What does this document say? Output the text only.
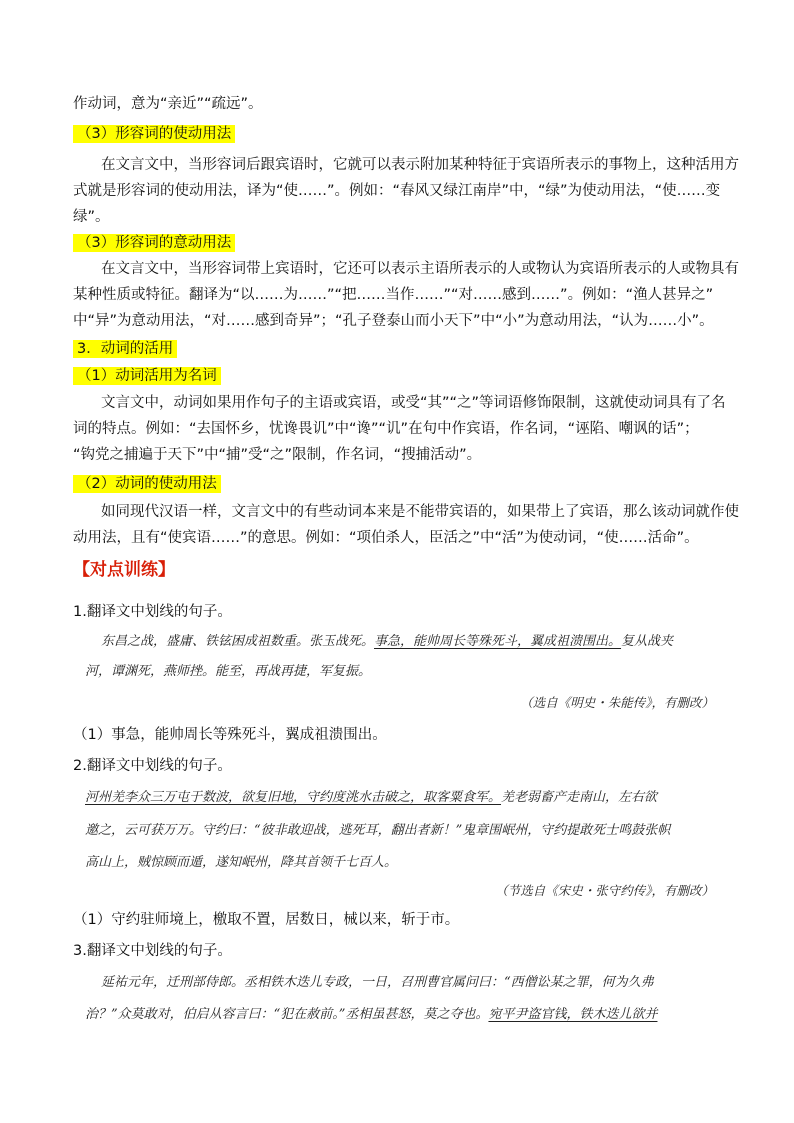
作动词，意为“亲近”“疏远”。
（3）形容词的使动用法
在文言文中，当形容词后跟宾语时，它就可以表示附加某种特征于宾语所表示的事物上，这种活用方
式就是形容词的使动用法，译为“使……”。例如：“春风又绿江南岸”中，“绿”为使动用法，“使……变
绿”。
（3）形容词的意动用法
在文言文中，当形容词带上宾语时，它还可以表示主语所表示的人或物认为宾语所表示的人或物具有
某种性质或特征。翻译为“以……为……”“把……当作……”“对……感到……”。例如：“渔人甚异之”
中“异”为意动用法，“对……感到奇异”；“孔子登泰山而小天下”中“小”为意动用法，“认为……小”。
3．动词的活用
（1）动词活用为名词
文言文中，动词如果用作句子的主语或宾语，或受“其”“之”等词语修饰限制，这就使动词具有了名
词的特点。例如：“去国怀乡，忧谗畏讥”中“谗”“讥”在句中作宾语，作名词，“诬陷、嘲讽的话”；
“钩党之捕遍于天下”中“捕”受“之”限制，作名词，“搜捕活动”。
（2）动词的使动用法
如同现代汉语一样，文言文中的有些动词本来是不能带宾语的，如果带上了宾语，那么该动词就作使
动用法，且有“使宾语……”的意思。例如：“项伯杀人，臣活之”中“活”为使动词，“使……活命”。
【对点训练】
1.翻译文中划线的句子。
东昌之战，盛庸、铁铉困成祖数重。张玉战死。事急，能帅周长等殊死斗，翼成祖溃围出。复从战夹
河，谭渊死，燕师挫。能至，再战再捷，军复振。
（选自《明史・朱能传》，有删改）
（1）事急，能帅周长等殊死斗，翼成祖溃围出。
2.翻译文中划线的句子。
河州羌李众三万屯于数波，欲复旧地，守约度洮水击破之，取客粟食军。羌老弱畜产走南山，左右欲
邀之，云可获万万。守约曰：“彼非敢迎战，逃死耳，翻出者新！”鬼章围岷州，守约提敢死士鸣鼓张帜
高山上，贼惊顾而遁，遂知岷州，降其首领千七百人。
（节选自《宋史・张守约传》，有删改）
（1）守约驻师境上，檄取不置，居数日，械以来，斩于市。
3.翻译文中划线的句子。
延祐元年，迁刑部侍郎。丞相铁木迭儿专政，一日，召刑曹官属问曰：“西僧讼某之罪，何为久弗
治？”众莫敢对，伯启从容言曰：“犯在赦前。”丞相虽甚怒，莫之夺也。宛平尹盗官钱，铁木迭儿欲并
